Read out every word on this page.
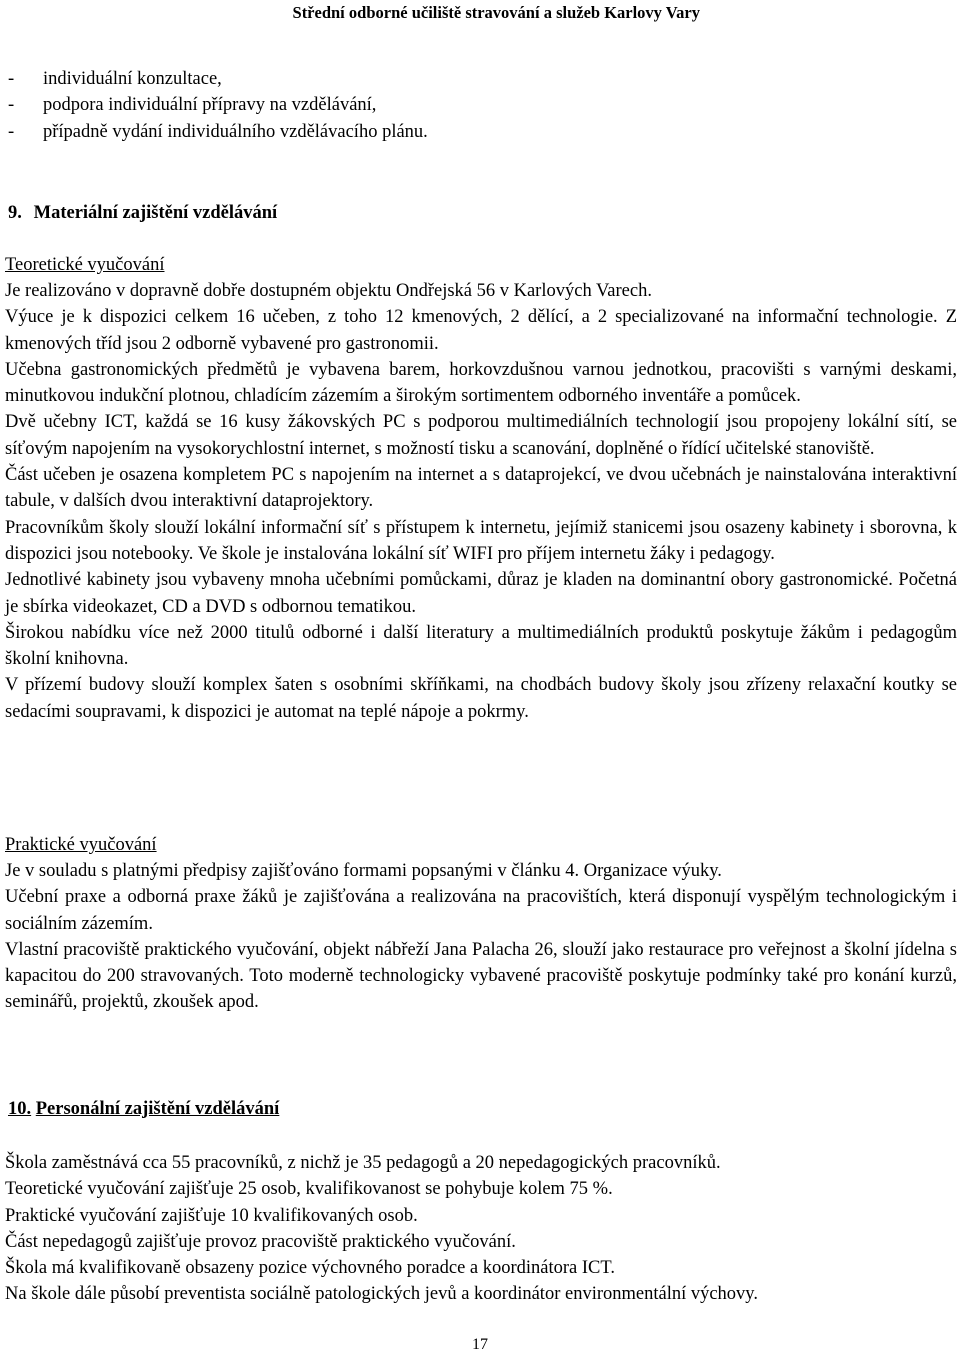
Střední odborné učiliště stravování a služeb Karlovy Vary
- individuální konzultace,
- podpora individuální přípravy na vzdělávání,
- případně vydání individuálního vzdělávacího plánu.
9. Materiální zajištění vzdělávání
Teoretické vyučování

Je realizováno v dopravně dobře dostupném objektu Ondřejská 56 v Karlových Varech.

Výuce je k dispozici celkem 16 učeben, z toho 12 kmenových, 2 dělící, a 2 specializované na informační technologie. Z kmenových tříd jsou 2 odborně vybavené pro gastronomii.

Učebna gastronomických předmětů je vybavena barem, horkovzdušnou varnou jednotkou, pracovišti s varnými deskami, minutkovou indukční plotnou, chladícím zázemím a širokým sortimentem odborného inventáře a pomůcek.

Dvě učebny ICT, každá se 16 kusy žákovských PC s podporou multimediálních technologií jsou propojeny lokální sítí, se síťovým napojením na vysokorychlostní internet, s možností tisku a scanování, doplněné o řídící učitelské stanoviště.

Část učeben je osazena kompletem PC s napojením na internet a s dataprojekcí, ve dvou učebnách je nainstalována interaktivní tabule, v dalších dvou interaktivní dataprojektory.

Pracovníkům školy slouží lokální informační síť s přístupem k internetu, jejímiž stanicemi jsou osazeny kabinety i sborovna, k dispozici jsou notebooky. Ve škole je instalována lokální síť WIFI pro příjem internetu žáky i pedagogy.

Jednotlivé kabinety jsou vybaveny mnoha učebními pomůckami, důraz je kladen na dominantní obory gastronomické. Početná je sbírka videokazet, CD a DVD s odbornou tematikou.

Širokou nabídku více než 2000 titulů odborné i další literatury a multimediálních produktů poskytuje žákům i pedagogům školní knihovna.

V přízemí budovy slouží komplex šaten s osobními skříňkami, na chodbách budovy školy jsou zřízeny relaxační koutky se sedacími soupravami, k dispozici je automat na teplé nápoje a pokrmy.

Praktické vyučování

Je v souladu s platnými předpisy zajišťováno formami popsanými v článku 4. Organizace výuky.

Učební praxe a odborná praxe žáků je zajišťována a realizována na pracovištích, která disponují vyspělým technologickým i sociálním zázemím.

Vlastní pracoviště praktického vyučování, objekt nábřeží Jana Palacha 26, slouží jako restaurace pro veřejnost a školní jídelna s kapacitou do 200 stravovaných. Toto moderně technologicky vybavené pracoviště poskytuje podmínky také pro konání kurzů, seminářů, projektů, zkoušek apod.

10. Personální zajištění vzdělávání

Škola zaměstnává cca 55 pracovníků, z nichž je 35 pedagogů a 20 nepedagogických pracovníků.

Teoretické vyučování zajišťuje 25 osob, kvalifikovanost se pohybuje kolem 75 %.

Praktické vyučování zajišťuje 10 kvalifikovaných osob.

Část nepedagogů zajišťuje provoz pracoviště praktického vyučování.

Škola má kvalifikovaně obsazeny pozice výchovného poradce a koordinátora ICT.

Na škole dále působí preventista sociálně patologických jevů a koordinátor environmentální výchovy.

17
